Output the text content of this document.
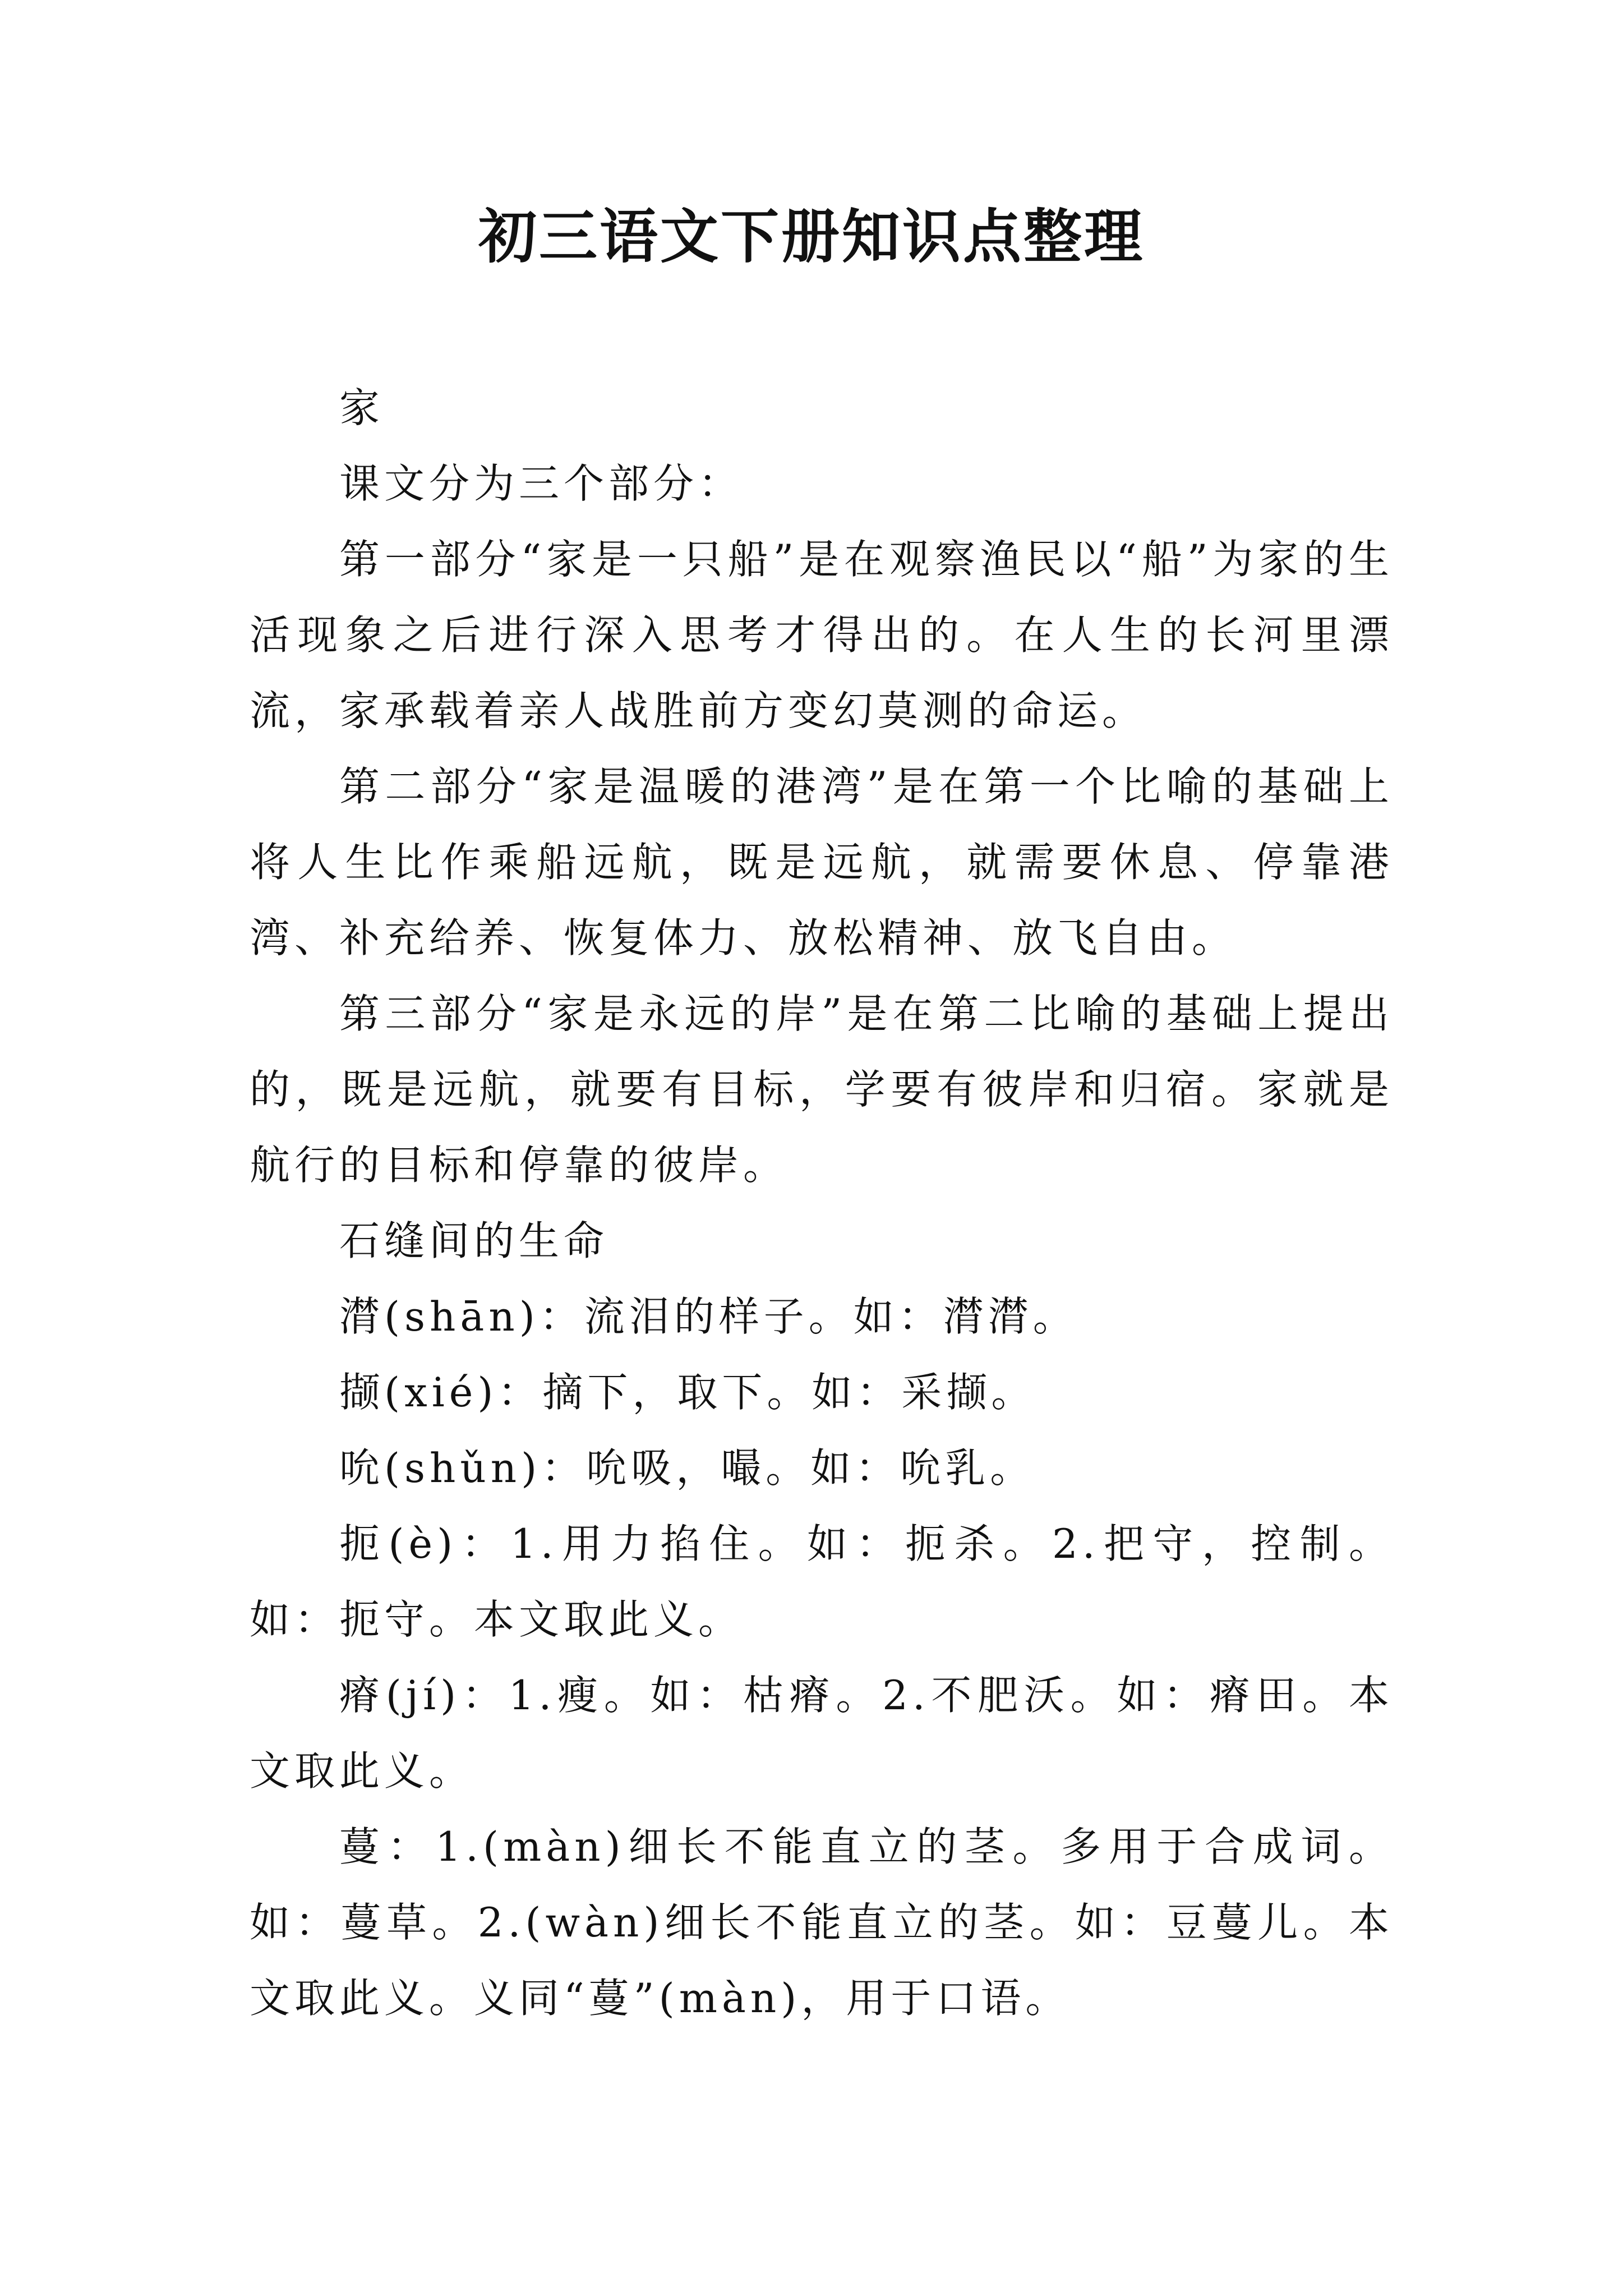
初三语文下册知识点整理

家

课文分为三个部分：

第一部分“家是一只船”是在观察渔民以“船”为家的生活现象之后进行深入思考才得出的。在人生的长河里漂流，家承载着亲人战胜前方变幻莫测的命运。

第二部分“家是温暖的港湾”是在第一个比喻的基础上将人生比作乘船远航，既是远航，就需要休息、停靠港湾、补充给养、恢复体力、放松精神、放飞自由。

第三部分“家是永远的岸”是在第二比喻的基础上提出的，既是远航，就要有目标，学要有彼岸和归宿。家就是航行的目标和停靠的彼岸。

石缝间的生命

潸(shān)：流泪的样子。如：潸潸。

撷(xié)：摘下，取下。如：采撷。

吮(shǔn)：吮吸，嘬。如：吮乳。

扼(è)：1.用力掐住。如：扼杀。2.把守，控制。如：扼守。本文取此义。

瘠(jí)：1.瘦。如：枯瘠。2.不肥沃。如：瘠田。本文取此义。

蔓：1.(màn)细长不能直立的茎。多用于合成词。如：蔓草。2.(wàn)细长不能直立的茎。如：豆蔓儿。本文取此义。义同“蔓”(màn)，用于口语。
